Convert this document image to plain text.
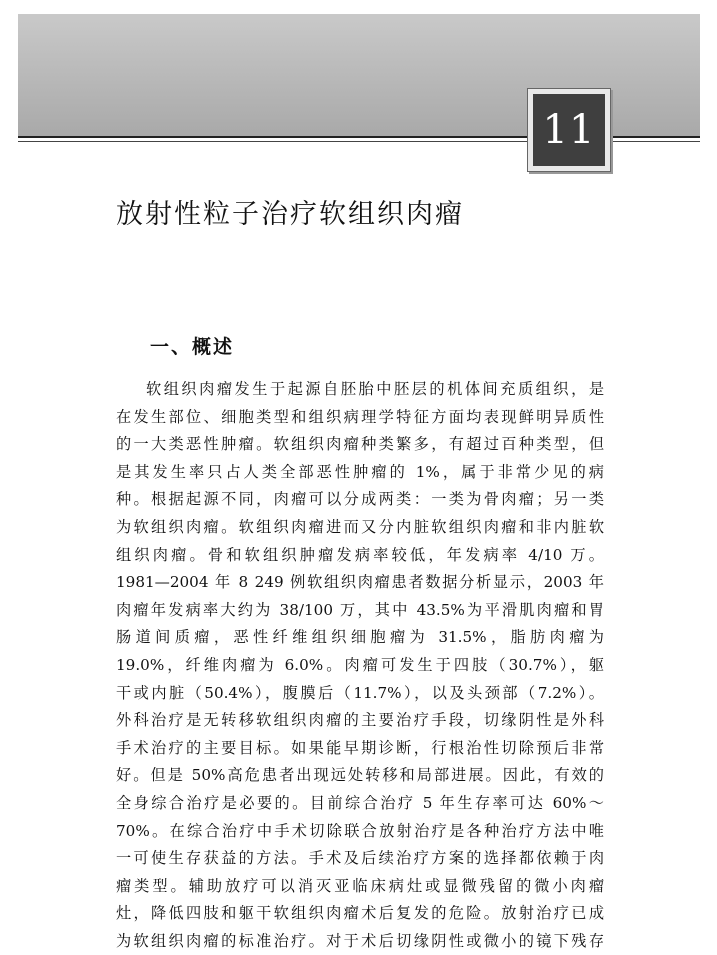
11
放射性粒子治疗软组织肉瘤
一、概述
软组织肉瘤发生于起源自胚胎中胚层的机体间充质组织，是
在发生部位、细胞类型和组织病理学特征方面均表现鲜明异质性
的一大类恶性肿瘤。软组织肉瘤种类繁多，有超过百种类型，但
是其发生率只占人类全部恶性肿瘤的 1%，属于非常少见的病
种。根据起源不同，肉瘤可以分成两类：一类为骨肉瘤；另一类
为软组织肉瘤。软组织肉瘤进而又分内脏软组织肉瘤和非内脏软
组织肉瘤。骨和软组织肿瘤发病率较低，年发病率 4/10 万。
1981—2004 年 8 249 例软组织肉瘤患者数据分析显示，2003 年
肉瘤年发病率大约为 38/100 万，其中 43.5%为平滑肌肉瘤和胃
肠道间质瘤，恶性纤维组织细胞瘤为 31.5%，脂肪肉瘤为
19.0%，纤维肉瘤为 6.0%。肉瘤可发生于四肢（30.7%），躯
干或内脏（50.4%），腹膜后（11.7%），以及头颈部（7.2%）。
外科治疗是无转移软组织肉瘤的主要治疗手段，切缘阴性是外科
手术治疗的主要目标。如果能早期诊断，行根治性切除预后非常
好。但是 50%高危患者出现远处转移和局部进展。因此，有效的
全身综合治疗是必要的。目前综合治疗 5 年生存率可达 60%～
70%。在综合治疗中手术切除联合放射治疗是各种治疗方法中唯
一可使生存获益的方法。手术及后续治疗方案的选择都依赖于肉
瘤类型。辅助放疗可以消灭亚临床病灶或显微残留的微小肉瘤
灶，降低四肢和躯干软组织肉瘤术后复发的危险。放射治疗已成
为软组织肉瘤的标准治疗。对于术后切缘阴性或微小的镜下残存
